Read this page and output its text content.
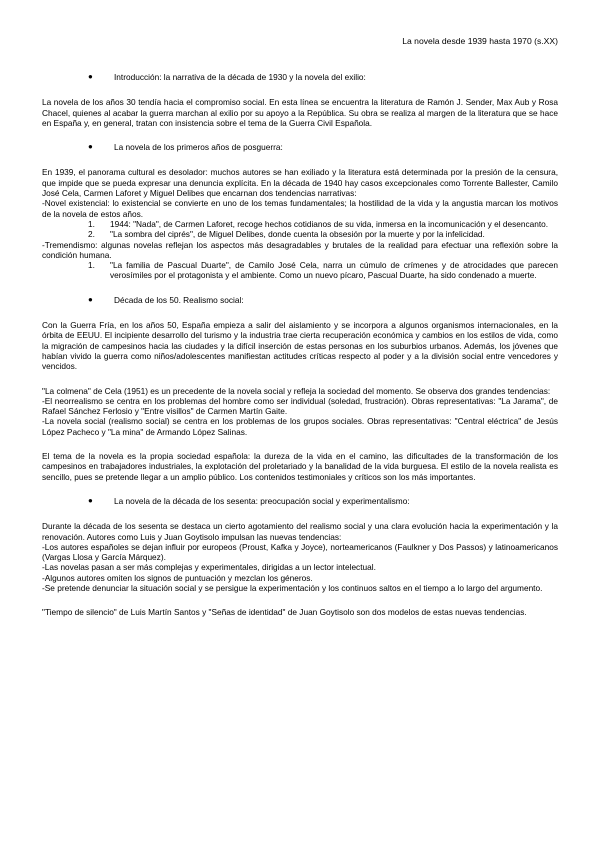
La novela desde 1939 hasta 1970 (s.XX)
●	Introducción: la narrativa de la década de 1930 y la novela del exilio:

La novela de los años 30 tendía hacia el compromiso social. En esta línea se encuentra la literatura de Ramón J. Sender, Max Aub y Rosa Chacel, quienes al acabar la guerra marchan al exilio por su apoyo a la República. Su obra se realiza al margen de la literatura que se hace en España y, en general, tratan con insistencia sobre el tema de la Guerra Civil Española.

●	La novela de los primeros años de posguerra:

En 1939, el panorama cultural es desolador: muchos autores se han exiliado y la literatura está determinada por la presión de la censura, que impide que se pueda expresar una denuncia explícita. En la década de 1940 hay casos excepcionales como Torrente Ballester, Camilo José Cela, Carmen Laforet y Miguel Delibes que encarnan dos tendencias narrativas:

-Novel existencial: lo existencial se convierte en uno de los temas fundamentales; la hostilidad de la vida y la angustia marcan los motivos de la novela de estos años.

1. 1944: "Nada", de Carmen Laforet, recoge hechos cotidianos de su vida, inmersa en la incomunicación y el desencanto.
2. "La sombra del ciprés", de Miguel Delibes, donde cuenta la obsesión por la muerte y por la infelicidad.

-Tremendismo: algunas novelas reflejan los aspectos más desagradables y brutales de la realidad para efectuar una reflexión sobre la condición humana.

1. "La familia de Pascual Duarte", de Camilo José Cela, narra un cúmulo de crímenes y de atrocidades que parecen verosímiles por el protagonista y el ambiente. Como un nuevo pícaro, Pascual Duarte, ha sido condenado a muerte.
●	Década de los 50. Realismo social:

Con la Guerra Fría, en los años 50, España empieza a salir del aislamiento y se incorpora a algunos organismos internacionales, en la órbita de EEUU. El incipiente desarrollo del turismo y la industria trae cierta recuperación económica y cambios en los estilos de vida, como la migración de campesinos hacia las ciudades y la difícil inserción de estas personas en los suburbios urbanos. Además, los jóvenes que habían vivido la guerra como niños/adolescentes manifiestan actitudes críticas respecto al poder y a la división social entre vencedores y vencidos.

"La colmena" de Cela (1951) es un precedente de la novela social y refleja la sociedad del momento. Se observa dos grandes tendencias:

-El neorrealismo se centra en los problemas del hombre como ser individual (soledad, frustración). Obras representativas: "La Jarama", de Rafael Sánchez Ferlosio y "Entre visillos" de Carmen Martín Gaite.

-La novela social (realismo social) se centra en los problemas de los grupos sociales. Obras representativas: "Central eléctrica" de Jesús López Pacheco y "La mina" de Armando López Salinas.

El tema de la novela es la propia sociedad española: la dureza de la vida en el camino, las dificultades de la transformación de los campesinos en trabajadores industriales, la explotación del proletariado y la banalidad de la vida burguesa. El estilo de la novela realista es sencillo, pues se pretende llegar a un amplio público. Los contenidos testimoniales y críticos son los más importantes.

●	La novela de la década de los sesenta: preocupación social y experimentalismo:

Durante la década de los sesenta se destaca un cierto agotamiento del realismo social y una clara evolución hacia la experimentación y la renovación. Autores como Luis y Juan Goytisolo impulsan las nuevas tendencias:

-Los autores españoles se dejan influir por europeos (Proust, Kafka y Joyce), norteamericanos (Faulkner y Dos Passos) y latinoamericanos (Vargas Llosa y García Márquez).

-Las novelas pasan a ser más complejas y experimentales, dirigidas a un lector intelectual.

-Algunos autores omiten los signos de puntuación y mezclan los géneros.

-Se pretende denunciar la situación social y se persigue la experimentación y los continuos saltos en el tiempo a lo largo del argumento.

"Tiempo de silencio" de Luis Martín Santos y "Señas de identidad" de Juan Goytisolo son dos modelos de estas nuevas tendencias.
